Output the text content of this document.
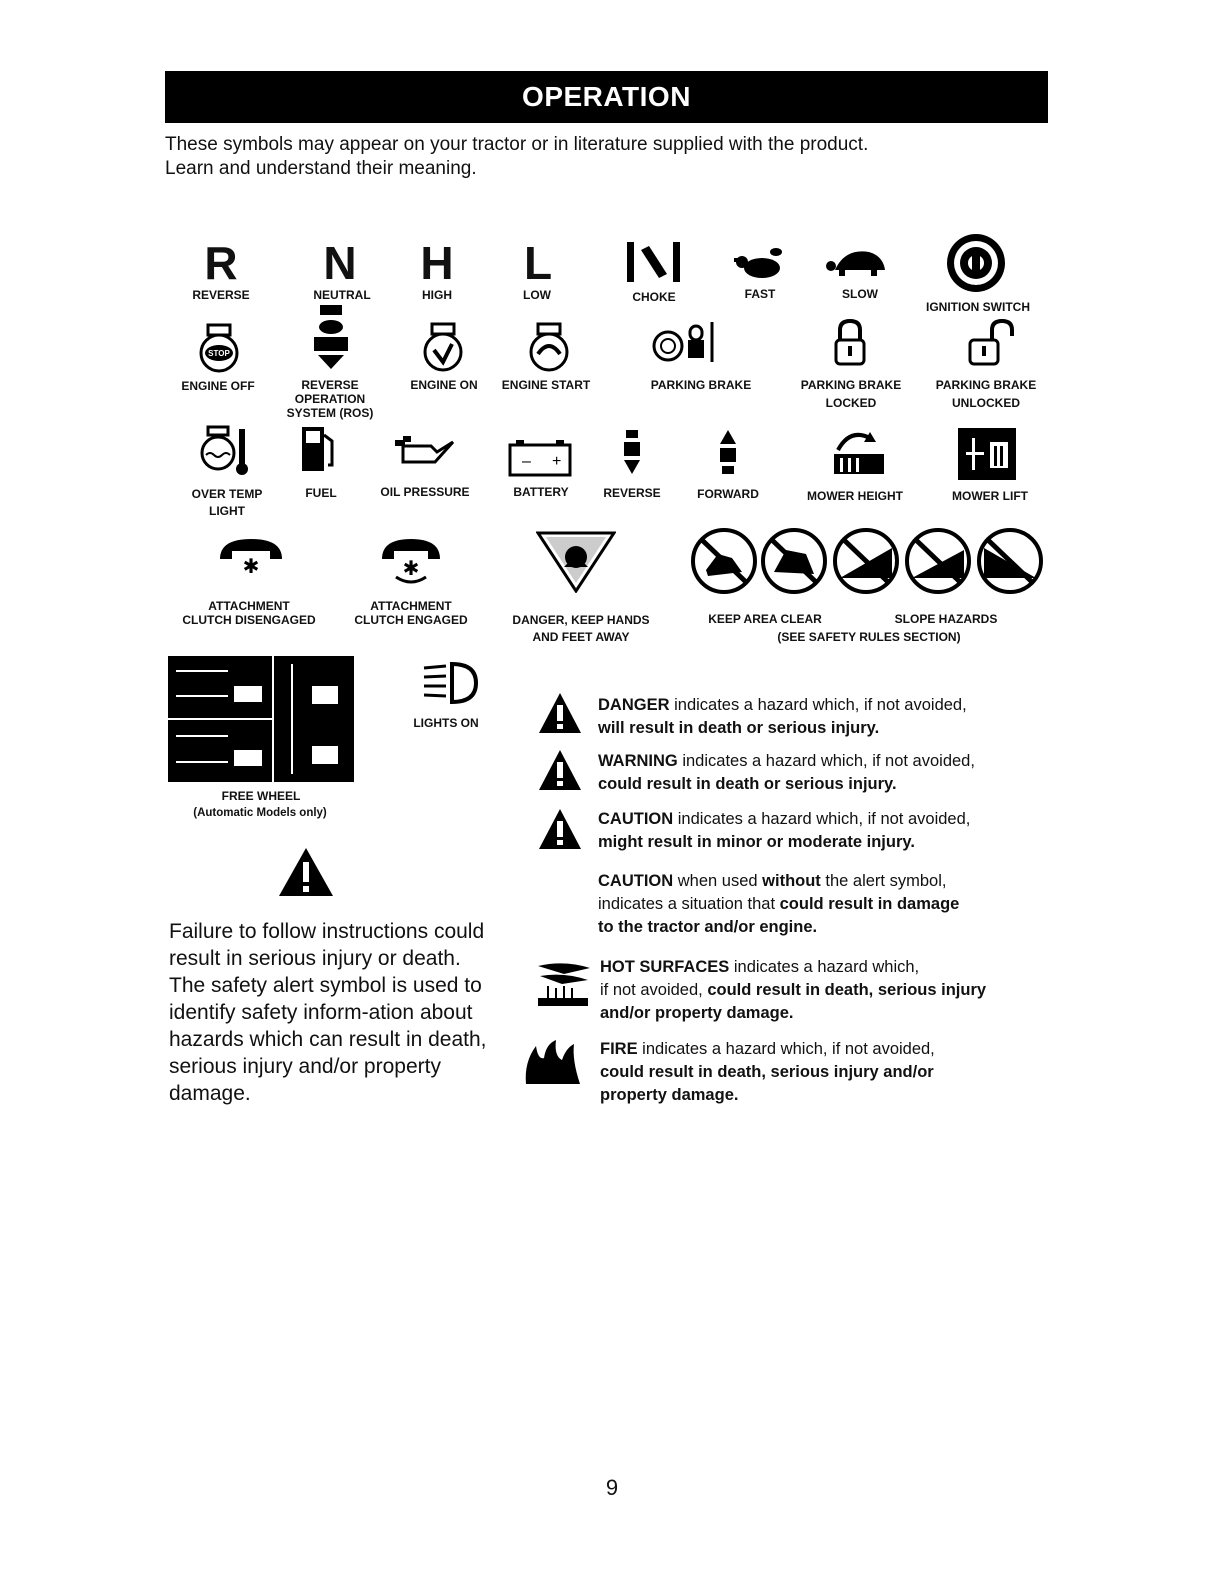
OPERATION
These symbols may appear on your tractor or in literature supplied with the product.
Learn and understand their meaning.
R
REVERSE
N
NEUTRAL
H
HIGH
L
LOW	CHOKE	FAST	SLOW
IGNITION SWITCH
STOP
ENGINE OFF	REVERSE
OPERATION
SYSTEM (ROS)
ENGINE ON ENGINE START	PARKING BRAKE	PARKING BRAKE
LOCKED
PARKING BRAKE
UNLOCKED
OVER TEMP
LIGHT
FUEL	OIL PRESSURE
– +
BATTERY	REVERSE	FORWARD	MOWER HEIGHT	MOWER LIFT
✱
ATTACHMENT
CLUTCH DISENGAGED
✱
ATTACHMENT
CLUTCH ENGAGED	DANGER, KEEP HANDS
AND FEET AWAY
KEEP AREA CLEAR	SLOPE HAZARDS
(SEE SAFETY RULES SECTION)
FREE WHEEL
(Automatic Models only)
LIGHTS ON
Failure to follow instructions could result in serious injury or death. The safety alert symbol is used to identify safety inform-ation about hazards which can result in death, serious injury and/or property damage.
DANGER indicates a hazard which, if not avoided,
will result in death or serious injury.
WARNING indicates a hazard which, if not avoided,
could result in death or serious injury.
CAUTION indicates a hazard which, if not avoided,
might result in minor or moderate injury.
CAUTION when used without the alert symbol,
indicates a situation that could result in damage
to the tractor and/or engine.
HOT SURFACES indicates a hazard which,
if not avoided, could result in death, serious injury
and/or property damage.
FIRE indicates a hazard which, if not avoided,
could result in death, serious injury and/or
property damage.
9
